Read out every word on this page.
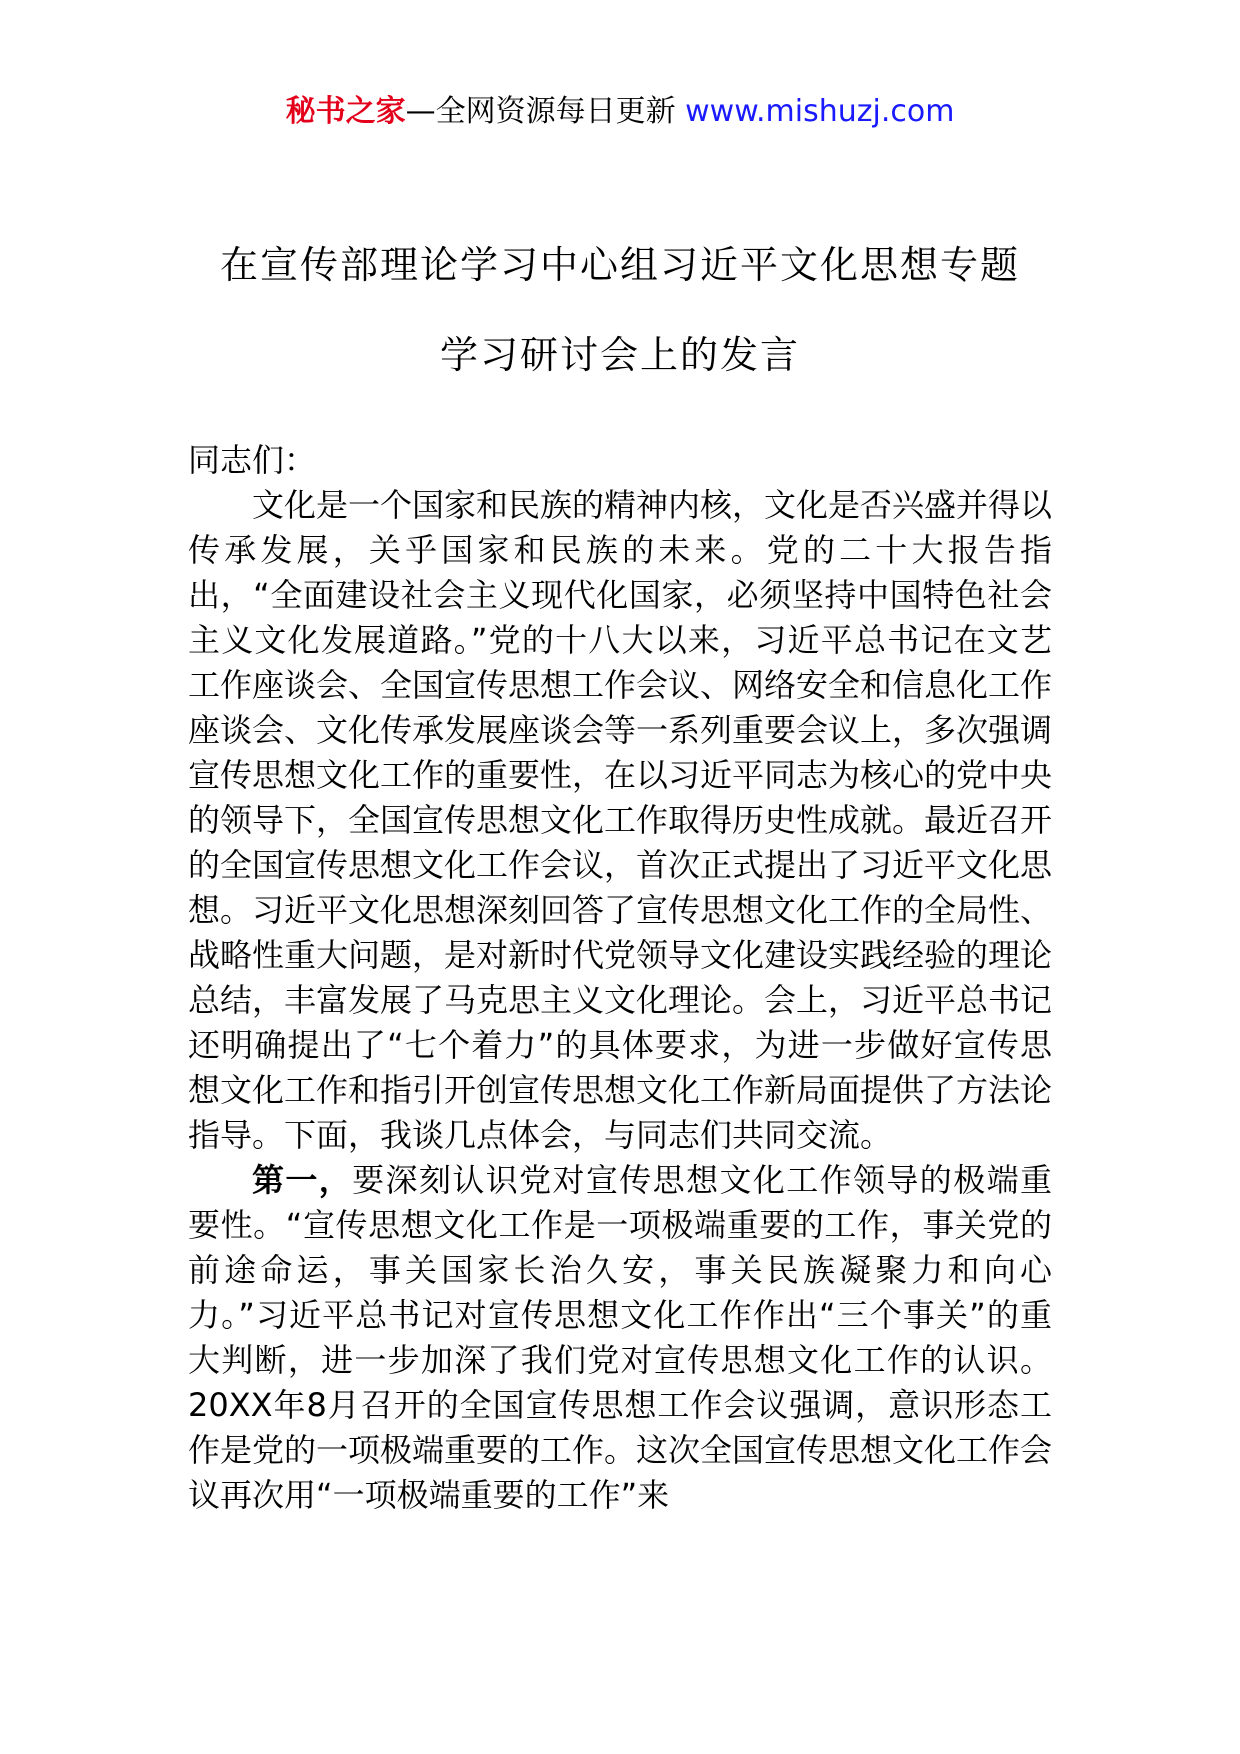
秘书之家—全网资源每日更新 www.mishuzj.com
在宣传部理论学习中心组习近平文化思想专题
学习研讨会上的发言

同志们：

文化是一个国家和民族的精神内核，文化是否兴盛并得以传承发展，关乎国家和民族的未来。党的二十大报告指出，“全面建设社会主义现代化国家，必须坚持中国特色社会主义文化发展道路。”党的十八大以来，习近平总书记在文艺工作座谈会、全国宣传思想工作会议、网络安全和信息化工作座谈会、文化传承发展座谈会等一系列重要会议上，多次强调宣传思想文化工作的重要性，在以习近平同志为核心的党中央的领导下，全国宣传思想文化工作取得历史性成就。最近召开的全国宣传思想文化工作会议，首次正式提出了习近平文化思想。习近平文化思想深刻回答了宣传思想文化工作的全局性、战略性重大问题，是对新时代党领导文化建设实践经验的理论总结，丰富发展了马克思主义文化理论。会上，习近平总书记还明确提出了“七个着力”的具体要求，为进一步做好宣传思想文化工作和指引开创宣传思想文化工作新局面提供了方法论指导。下面，我谈几点体会，与同志们共同交流。

第一，要深刻认识党对宣传思想文化工作领导的极端重要性。“宣传思想文化工作是一项极端重要的工作，事关党的前途命运，事关国家长治久安，事关民族凝聚力和向心力。”习近平总书记对宣传思想文化工作作出“三个事关”的重大判断，进一步加深了我们党对宣传思想文化工作的认识。20XX年8月召开的全国宣传思想工作会议强调，意识形态工作是党的一项极端重要的工作。这次全国宣传思想文化工作会议再次用“一项极端重要的工作”来
